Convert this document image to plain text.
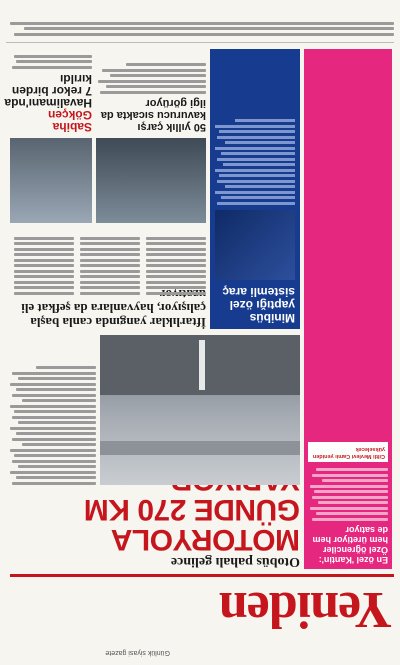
Yeniden
Günlük siyasi gazete
En özel 'Kantin': Özel öğrenciler hem üretiyor hem de satıyor
Ciltli Mevlevi Camiı yeniden yükselecek
Otobüs pahalı gelince
MOTORYOLA GÜNDE 270 KM
Minibüs yaptığı özel sistemli araç
İftarlıklar yangında canla başla çalışıyor, hayvanlara da şefkat eli
50 yıllık çarşı kavurucu sıcakta da ilgi görüyor
Sabiha Gökçen
Havalimanı'nda
7 rekor birden kırıldı
